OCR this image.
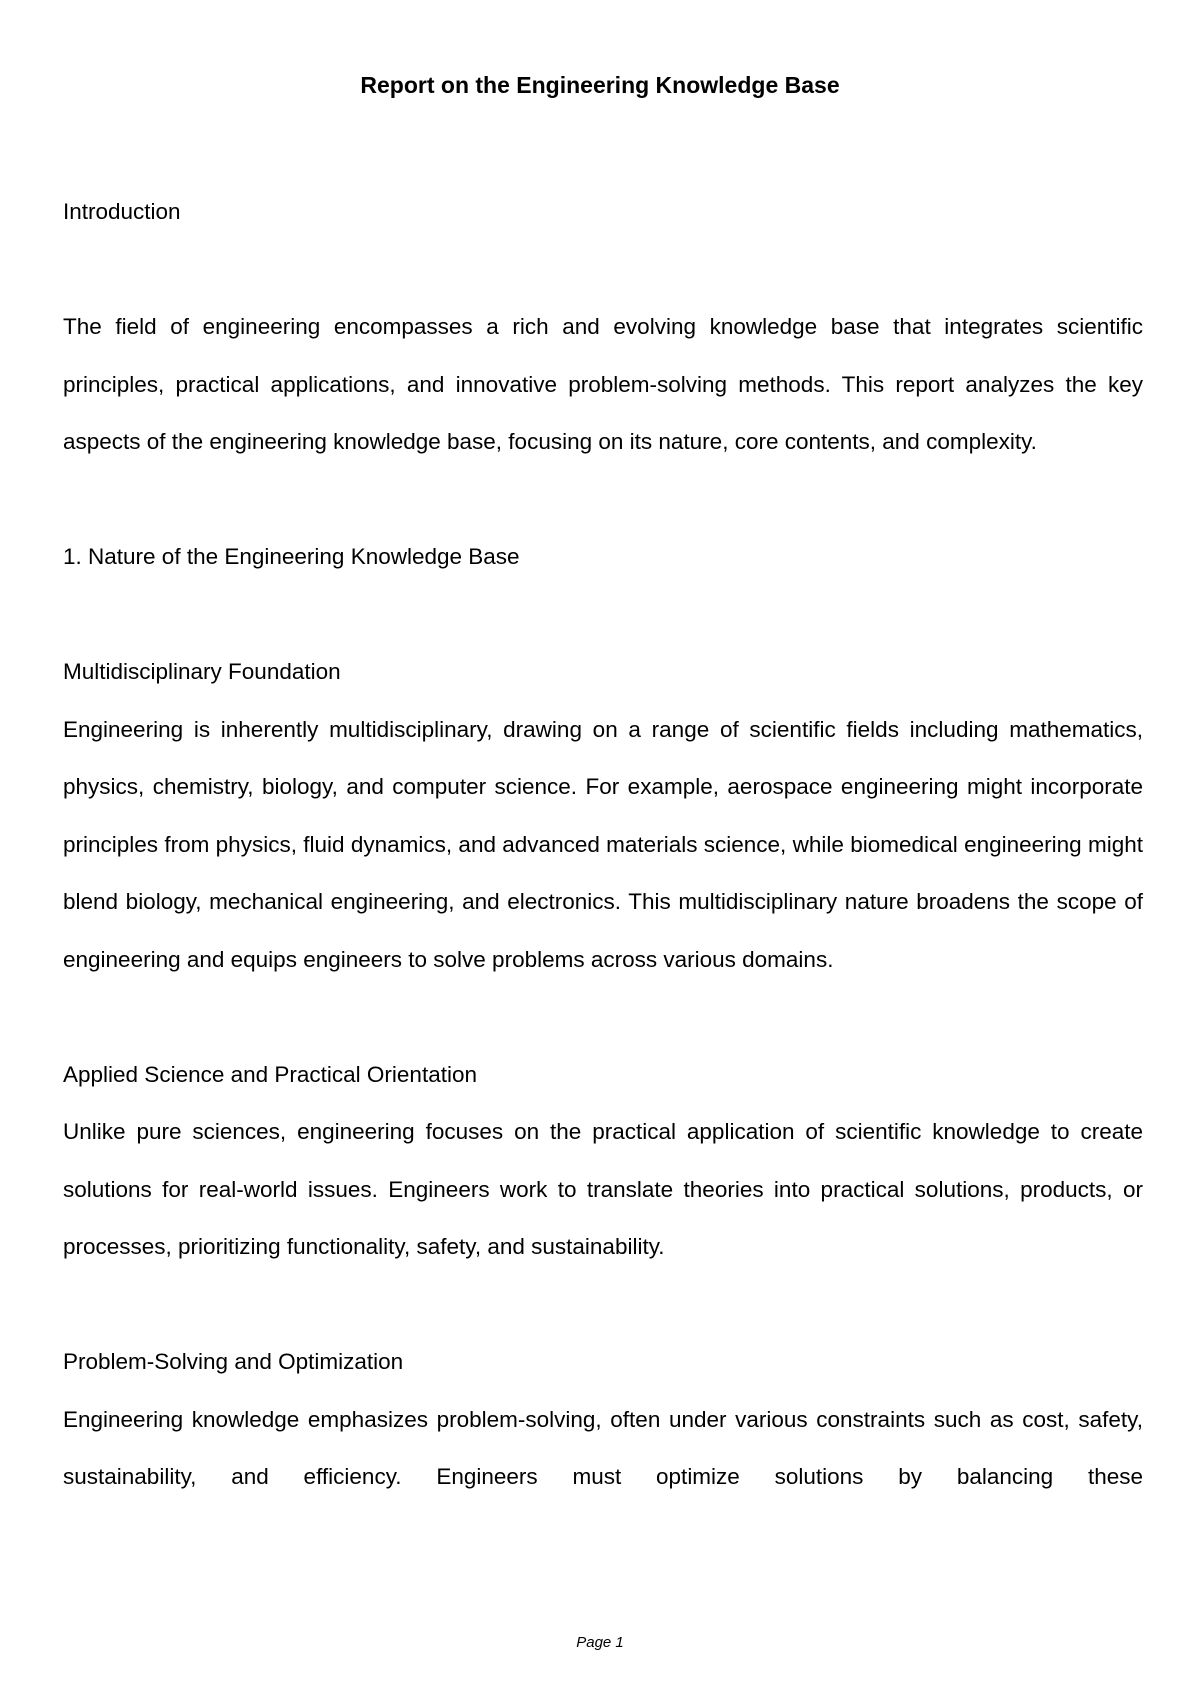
Report on the Engineering Knowledge Base

Introduction

The field of engineering encompasses a rich and evolving knowledge base that integrates scientific principles, practical applications, and innovative problem-solving methods. This report analyzes the key aspects of the engineering knowledge base, focusing on its nature, core contents, and complexity.

1. Nature of the Engineering Knowledge Base

Multidisciplinary Foundation

Engineering is inherently multidisciplinary, drawing on a range of scientific fields including mathematics, physics, chemistry, biology, and computer science. For example, aerospace engineering might incorporate principles from physics, fluid dynamics, and advanced materials science, while biomedical engineering might blend biology, mechanical engineering, and electronics. This multidisciplinary nature broadens the scope of engineering and equips engineers to solve problems across various domains.

Applied Science and Practical Orientation

Unlike pure sciences, engineering focuses on the practical application of scientific knowledge to create solutions for real-world issues. Engineers work to translate theories into practical solutions, products, or processes, prioritizing functionality, safety, and sustainability.

Problem-Solving and Optimization

Engineering knowledge emphasizes problem-solving, often under various constraints such as cost, safety, sustainability, and efficiency. Engineers must optimize solutions by balancing these

Page 1
